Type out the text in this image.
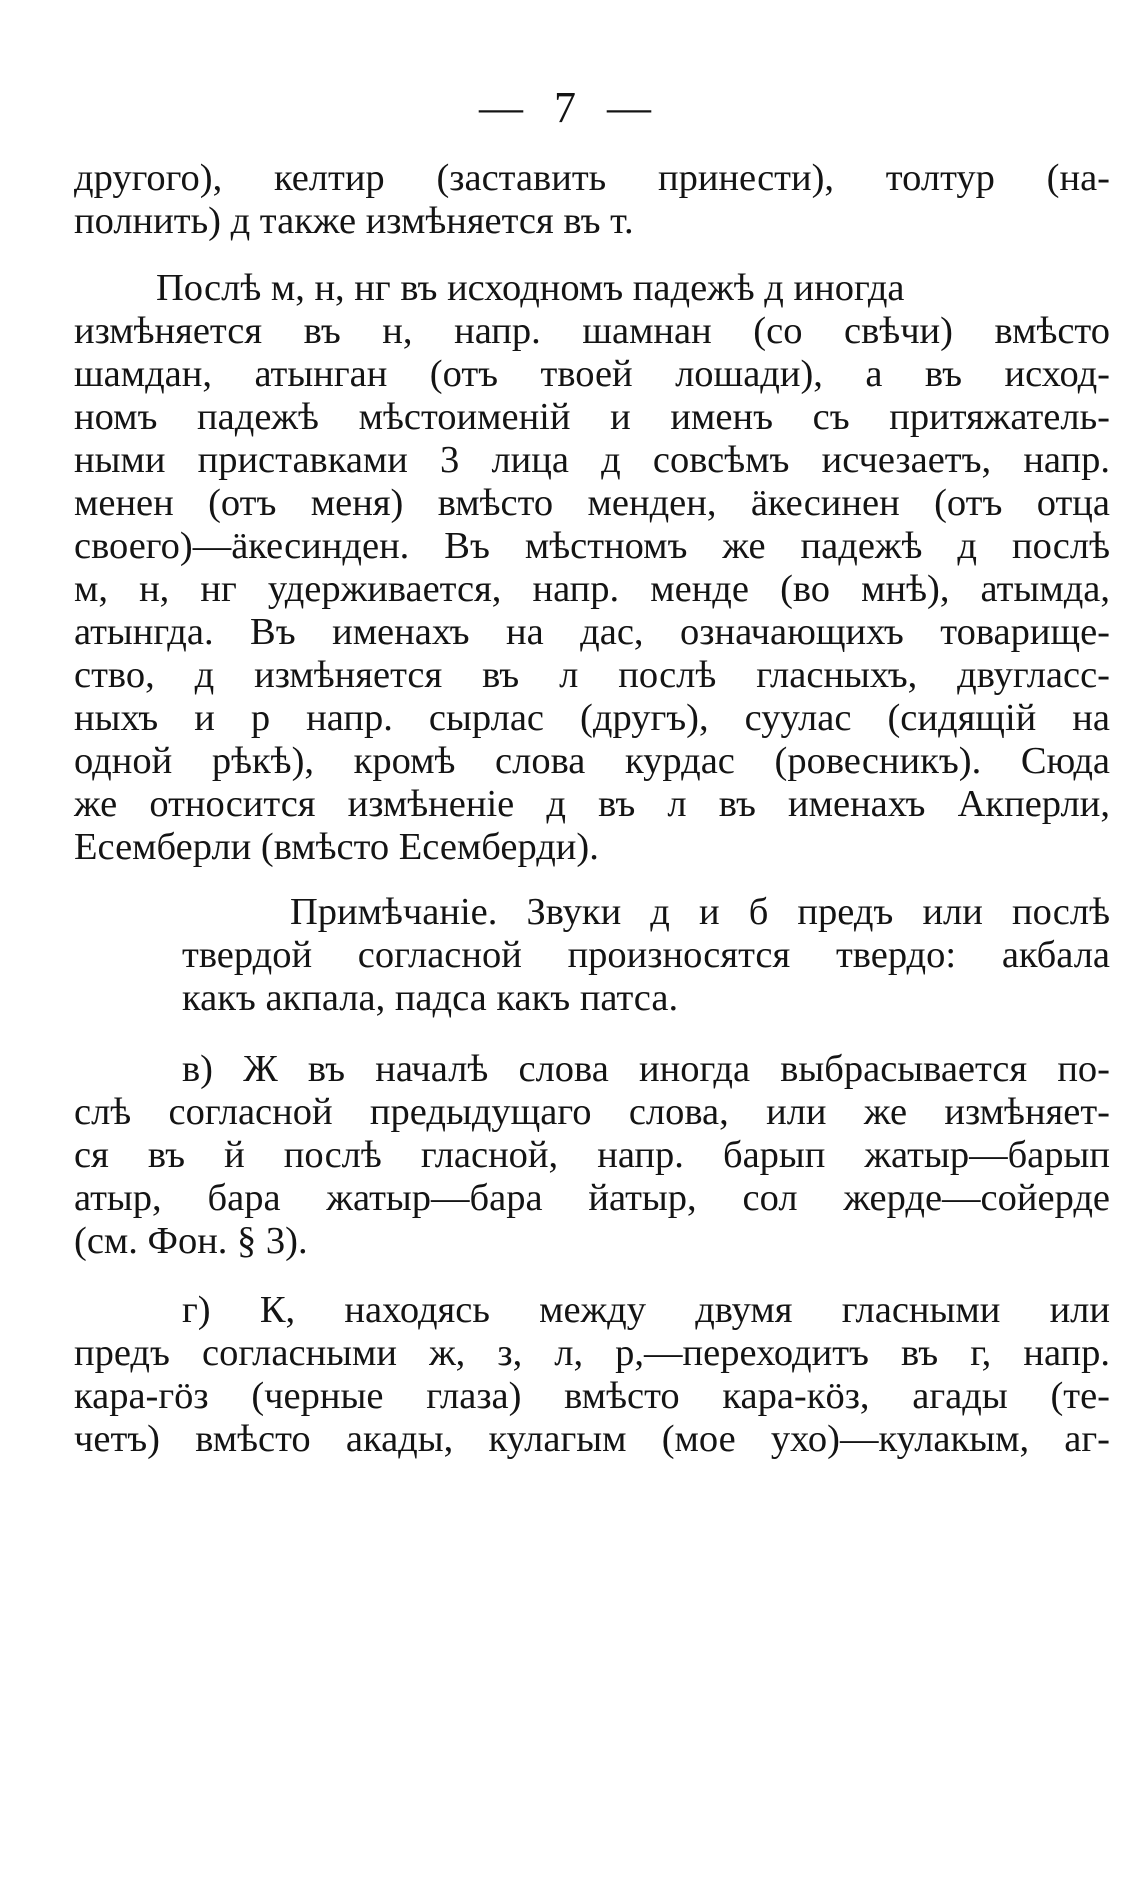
— 7 —
другого), келтир (заставить принести), толтур (на-
полнить) д также измѣняется въ т.
Послѣ м, н, нг въ исходномъ падежѣ д иногда
измѣняется въ н, напр. шамнан (со свѣчи) вмѣсто
шамдан, атынган (отъ твоей лошади), а въ исход-
номъ падежѣ мѣстоименій и именъ съ притяжатель-
ными приставками 3 лица д совсѣмъ исчезаетъ, напр.
менен (отъ меня) вмѣсто менден, äкесинен (отъ отца
своего)—äкесинден. Въ мѣстномъ же падежѣ д послѣ
м, н, нг удерживается, напр. менде (во мнѣ), атымда,
атынгда. Въ именахъ на дас, означающихъ товарище-
ство, д измѣняется въ л послѣ гласныхъ, двугласс-
ныхъ и р напр. сырлас (другъ), суулас (сидящій на
одной рѣкѣ), кромѣ слова курдас (ровесникъ). Сюда
же относится измѣненіе д въ л въ именахъ Акперли,
Есемберли (вмѣсто Есемберди).
Примѣчаніе. Звуки д и б предъ или послѣ
твердой согласной произносятся твердо: акбала
какъ акпала, падса какъ патса.
в) Ж въ началѣ слова иногда выбрасывается по-
слѣ согласной предыдущаго слова, или же измѣняет-
ся въ й послѣ гласной, напр. барып жатыр—барып
атыр, бара жатыр—бара йатыр, сол жерде—сойерде
(см. Фон. § 3).
г) К, находясь между двумя гласными или
предъ согласными ж, з, л, р,—переходитъ въ г, напр.
кара-гöз (черные глаза) вмѣсто кара-кöз, агады (те-
четъ) вмѣсто акады, кулагым (мое ухо)—кулакым, аг-
